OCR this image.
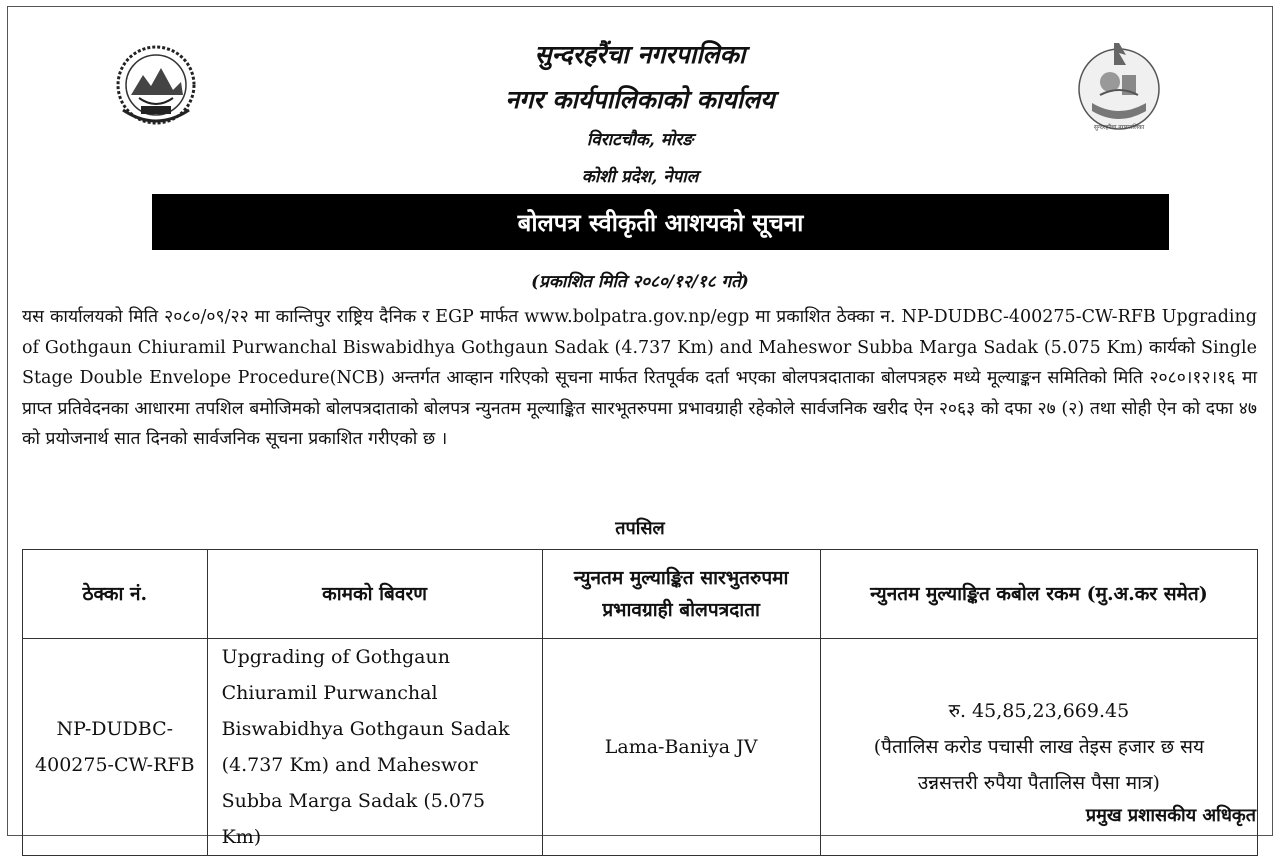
सुन्दरहरैंचा नगरपालिका
सुन्दरहरैंचा नगरपालिका
नगर कार्यपालिकाको कार्यालय
विराटचौक, मोरङ
कोशी प्रदेश, नेपाल
बोलपत्र स्वीकृती आशयको सूचना
(प्रकाशित मिति २०८०/१२/१८ गते)
यस कार्यालयको मिति २०८०/०९/२२ मा कान्तिपुर राष्ट्रिय दैनिक र EGP मार्फत www.bolpatra.gov.np/egp मा प्रकाशित ठेक्का न. NP-DUDBC-400275-CW-RFB Upgrading of Gothgaun Chiuramil Purwanchal Biswabidhya Gothgaun Sadak (4.737 Km) and Maheswor Subba Marga Sadak (5.075 Km) कार्यको Single Stage Double Envelope Procedure(NCB) अन्तर्गत आव्हान गरिएको सूचना मार्फत रितपूर्वक दर्ता भएका बोलपत्रदाताका बोलपत्रहरु मध्ये मूल्याङ्कन समितिको मिति २०८०।१२।१६ मा प्राप्त प्रतिवेदनका आधारमा तपशिल बमोजिमको बोलपत्रदाताको बोलपत्र न्युनतम मूल्याङ्कित सारभूतरुपमा प्रभावग्राही रहेकोले सार्वजनिक खरीद ऐन २०६३ को दफा २७ (२) तथा सोही ऐन को दफा ४७ को प्रयोजनार्थ सात दिनको सार्वजनिक सूचना प्रकाशित गरीएको छ ।
तपसिल
ठेक्का नं.	कामको बिवरण	न्युनतम मुल्याङ्कित सारभुतरुपमा प्रभावग्राही बोलपत्रदाता	न्युनतम मुल्याङ्कित कबोल रकम (मु.अ.कर समेत)
NP-DUDBC-400275-CW-RFB	Upgrading of Gothgaun Chiuramil Purwanchal Biswabidhya Gothgaun Sadak (4.737 Km) and Maheswor Subba Marga Sadak (5.075 Km)	Lama-Baniya JV	रु. 45,85,23,669.45
(पैतालिस करोड पचासी लाख तेइस हजार छ सय उन्नसत्तरी रुपैया पैतालिस पैसा मात्र)
प्रमुख प्रशासकीय अधिकृत
